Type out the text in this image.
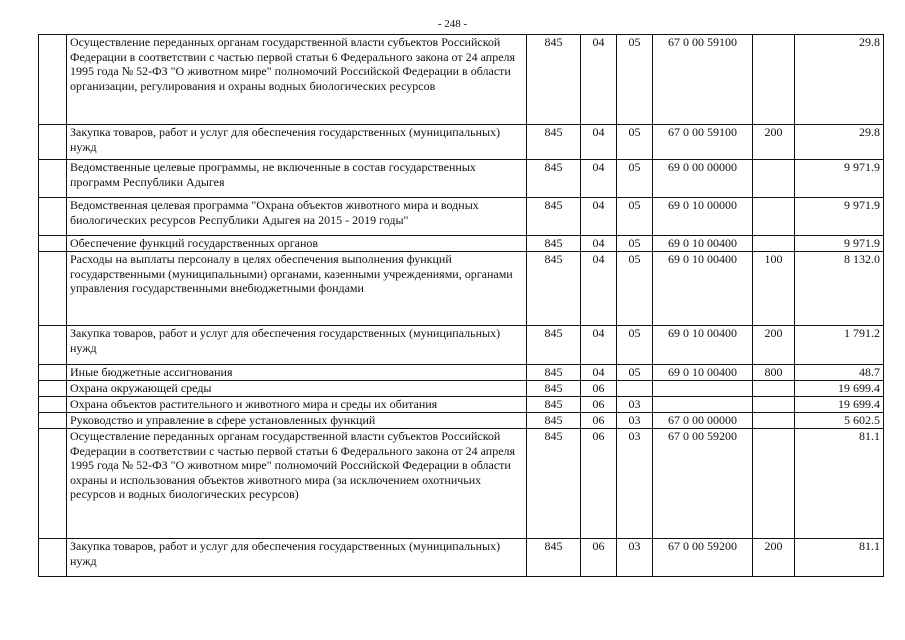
- 248 -
	Осуществление переданных органам государственной власти субъектов Российской Федерации в соответствии с частью первой статьи 6 Федерального закона от 24 апреля 1995 года № 52-ФЗ "О животном мире" полномочий Российской Федерации в области организации, регулирования и охраны водных биологических ресурсов	845	04	05	67 0 00 59100		29.8
	Закупка товаров, работ и услуг для обеспечения государственных (муниципальных) нужд	845	04	05	67 0 00 59100	200	29.8
	Ведомственные целевые программы, не включенные в состав государственных программ Республики Адыгея	845	04	05	69 0 00 00000		9 971.9
	Ведомственная целевая программа "Охрана объектов животного мира и водных биологических ресурсов Республики Адыгея на 2015 - 2019 годы"	845	04	05	69 0 10 00000		9 971.9
	Обеспечение функций государственных органов	845	04	05	69 0 10 00400		9 971.9
	Расходы на выплаты персоналу в целях обеспечения выполнения функций государственными (муниципальными) органами, казенными учреждениями, органами управления государственными внебюджетными фондами	845	04	05	69 0 10 00400	100	8 132.0
	Закупка товаров, работ и услуг для обеспечения государственных (муниципальных) нужд	845	04	05	69 0 10 00400	200	1 791.2
	Иные бюджетные ассигнования	845	04	05	69 0 10 00400	800	48.7
	Охрана окружающей среды	845	06				19 699.4
	Охрана объектов растительного и животного мира и среды их обитания	845	06	03			19 699.4
	Руководство и управление в сфере установленных функций	845	06	03	67 0 00 00000		5 602.5
	Осуществление переданных органам государственной власти субъектов Российской Федерации в соответствии с частью первой статьи 6 Федерального закона от 24 апреля 1995 года № 52-ФЗ "О животном мире" полномочий Российской Федерации в области охраны и использования объектов животного мира (за исключением охотничьих ресурсов и водных биологических ресурсов)	845	06	03	67 0 00 59200		81.1
	Закупка товаров, работ и услуг для обеспечения государственных (муниципальных) нужд	845	06	03	67 0 00 59200	200	81.1
